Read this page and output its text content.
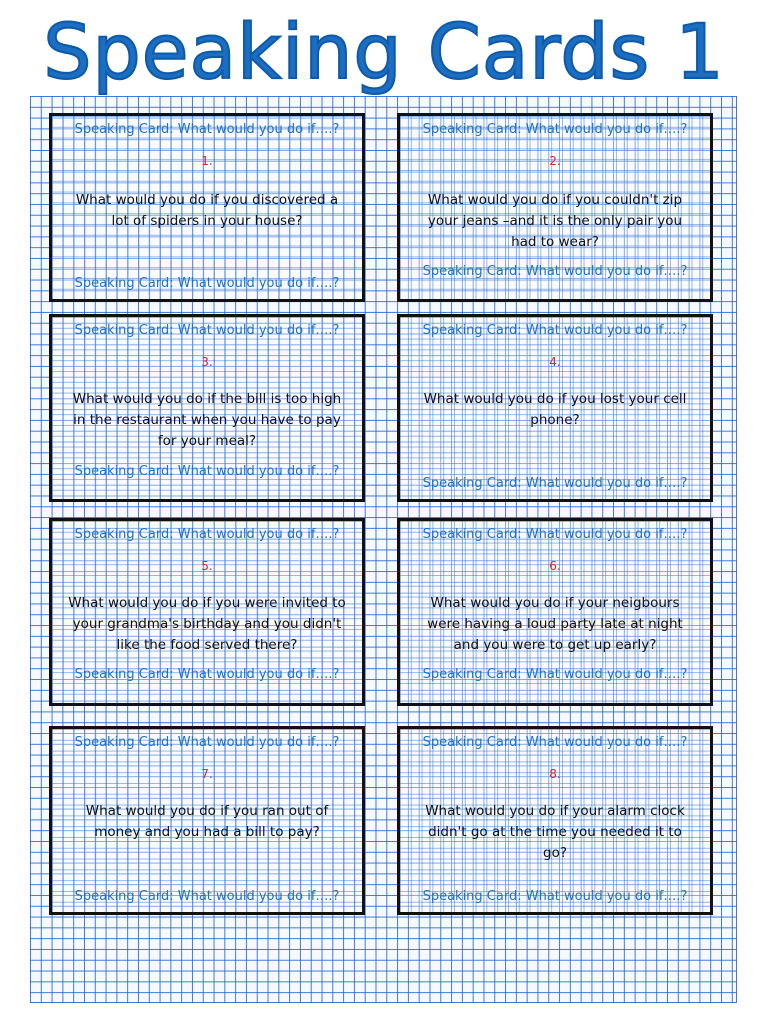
Speaking Cards 1
Speaking Card: What would you do if….?
1.
What would you do if you discovered a lot of spiders in your house?
Speaking Card: What would you do if….?
Speaking Card: What would you do if….?
2.
What would you do if you couldn't zip your jeans –and it is the only pair you had to wear?
Speaking Card: What would you do if….?
Speaking Card: What would you do if….?
3.
What would you do if the bill is too high in the restaurant when you have to pay for your meal?
Speaking Card: What would you do if….?
Speaking Card: What would you do if….?
4.
What would you do if you lost your cell phone?
Speaking Card: What would you do if….?
Speaking Card: What would you do if….?
5.
What would you do if you were invited to your grandma's birthday and you didn't like the food served there?
Speaking Card: What would you do if….?
Speaking Card: What would you do if….?
6.
What would you do if your neigbours were having a loud party late at night and you were to get up early?
Speaking Card: What would you do if….?
Speaking Card: What would you do if….?
7.
What would you do if you ran out of money and you had a bill to pay?
Speaking Card: What would you do if….?
Speaking Card: What would you do if….?
8.
What would you do if your alarm clock didn't go at the time you needed it to go?
Speaking Card: What would you do if….?
